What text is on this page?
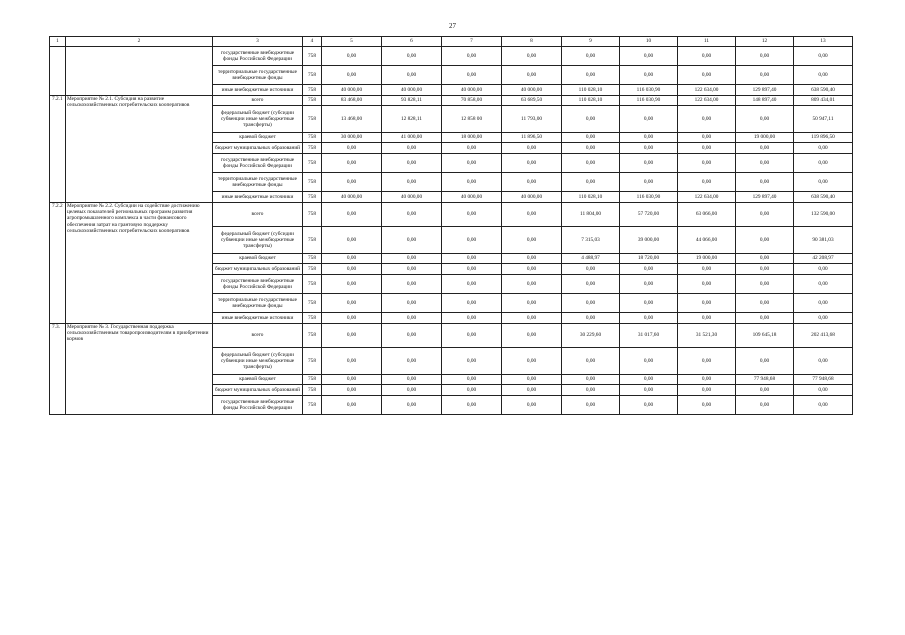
27
1	2	3	4	5	6	7	8	9	10	11	12	13
		государственные внебюджетные фонды Российской Федерации	758	0,00	0,00	0,00	0,00	0,00	0,00	0,00	0,00	0,00
		территориальные государственные внебюджетные фонды	758	0,00	0,00	0,00	0,00	0,00	0,00	0,00	0,00	0,00
		иные внебюджетные источники	758	40 000,00	40 000,00	40 000,00	40 000,00	110 028,10	116 030,90	122 634,00	129 897,40	638 590,40
7.2.1	Мероприятие № 2.1. Субсидия на развитие сельскохозяйственных потребительских кооперативов	всего	758	83 468,00	93 828,11	70 858,00	63 689,50	110 028,10	116 030,90	122 634,00	148 897,40	809 434,01
		федеральный бюджет (субсидии субвенции иные межбюджетные трансферты)	758	13 468,00	12 828,11	12 858 00	11 793,00	0,00	0,00	0,00	0,00	50 947,11
		краевой бюджет	758	30 000,00	41 000,00	18 000,00	11 896,50	0,00	0,00	0,00	19 000,00	119 896,50
		бюджет муниципальных образований	758	0,00	0,00	0,00	0,00	0,00	0,00	0,00	0,00	0,00
		государственные внебюджетные фонды Российской Федерации	758	0,00	0,00	0,00	0,00	0,00	0,00	0,00	0,00	0,00
		территориальные государственные внебюджетные фонды	758	0,00	0,00	0,00	0,00	0,00	0,00	0,00	0,00	0,00
		иные внебюджетные источники	758	40 000,00	40 000,00	40 000,00	40 000,00	110 028,10	116 030,90	122 634,00	129 897,40	638 590,40
7.2.2	Мероприятие № 2.2. Субсидии на содействие достижению целевых показателей региональных программ развития агропромышленного комплекса в части финансового обеспечения затрат на грантовую поддержку сельскохозяйственных потребительских кооперативов	всего	758	0,00	0,00	0,00	0,00	11 804,00	57 720,00	63 066,00	0,00	132 590,00
		федеральный бюджет (субсидии субвенции иные межбюджетные трансферты)	758	0,00	0,00	0,00	0,00	7 315,03	39 000,00	44 066,00	0,00	90 381,03
		краевой бюджет	758	0,00	0,00	0,00	0,00	4 488,97	18 720,00	19 000,00	0,00	42 208,97
		бюджет муниципальных образований	758	0,00	0,00	0,00	0,00	0,00	0,00	0,00	0,00	0,00
		государственные внебюджетные фонды Российской Федерации	758	0,00	0,00	0,00	0,00	0,00	0,00	0,00	0,00	0,00
		территориальные государственные внебюджетные фонды	758	0,00	0,00	0,00	0,00	0,00	0,00	0,00	0,00	0,00
		иные внебюджетные источники	758	0,00	0,00	0,00	0,00	0,00	0,00	0,00	0,00	0,00
7.3.	Мероприятие № 3. Государственная поддержка сельскохозяйственным товаропроизводителям в приобретении кормов	всего	758	0,00	0,00	0,00	0,00	30 229,60	31 017,60	31 521,30	109 645,18	202 413,68
		федеральный бюджет (субсидии субвенции иные межбюджетные трансферты)	758	0,00	0,00	0,00	0,00	0,00	0,00	0,00	0,00	0,00
		краевой бюджет	758	0,00	0,00	0,00	0,00	0,00	0,00	0,00	77 948,68	77 948,68
		бюджет муниципальных образований	758	0,00	0,00	0,00	0,00	0,00	0,00	0,00	0,00	0,00
		государственные внебюджетные фонды Российской Федерации	758	0,00	0,00	0,00	0,00	0,00	0,00	0,00	0,00	0,00
